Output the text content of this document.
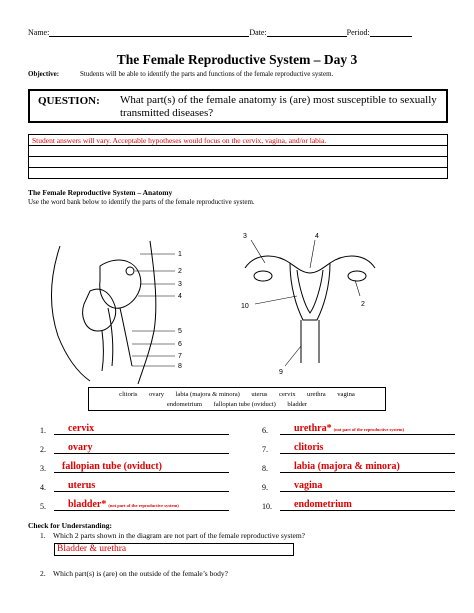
Name:	Date:	Period:
The Female Reproductive System – Day 3
Objective:	Students will be able to identify the parts and functions of the female reproductive system.
QUESTION: What part(s) of the female anatomy is (are) most susceptible to sexually transmitted diseases?
Student answers will vary. Acceptable hypotheses would focus on the cervix, vagina, and/or labia.

The Female Reproductive System – Anatomy
Use the word bank below to identify the parts of the female reproductive system.
1
2
3
4
5
6
7
8
3	4
2
10
9
clitoris       ovary       labia (majora & minora)       uterus       cervix       urethra       vagina
endometrium       fallopian tube (oviduct)       bladder
1. cervix
2. ovary
3. fallopian tube (oviduct)
4. uterus
5. bladder* (not part of the reproductive system)
6.	urethra* (not part of the reproductive system)
7.	clitoris
8.	labia (majora & minora)
9.	vagina
10. endometrium
Check for Understanding:
1.    Which 2 parts shown in the diagram are not part of the female reproductive system?
Bladder & urethra
2.    Which part(s) is (are) on the outside of the female’s body?
